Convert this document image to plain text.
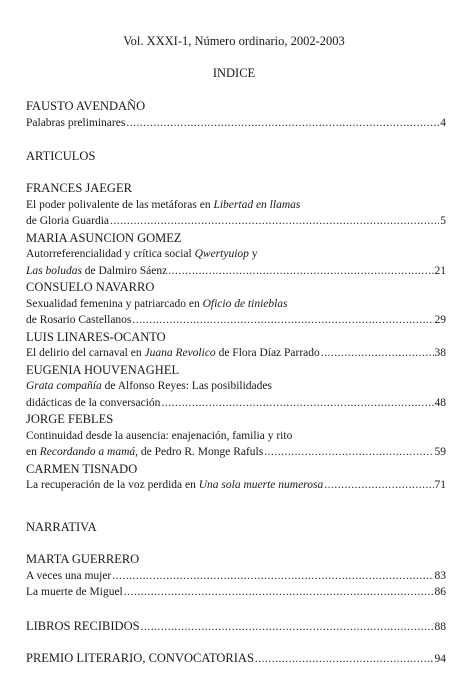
Vol. XXXI-1, Número ordinario, 2002-2003
INDICE
FAUSTO AVENDAÑO
Palabras preliminares .....	4
ARTICULOS
FRANCES JAEGER
El poder polivalente de las metáforas en Libertad en llamas
de Gloria Guardia .....	5
MARIA ASUNCION GOMEZ
Autorreferencialidad y crítica social Qwertyuiop y
Las boludas de Dalmiro Sáenz .....	21
CONSUELO NAVARRO
Sexualidad femenina y patriarcado en Oficio de tinieblas
de Rosario Castellanos .....	29
LUIS LINARES-OCANTO
El delirio del carnaval en Juana Revolico de Flora Díaz Parrado .....	38
EUGENIA HOUVENAGHEL
Grata compañía de Alfonso Reyes: Las posibilidades
didácticas de la conversación .....	48
JORGE FEBLES
Continuidad desde la ausencia: enajenación, familia y rito
en Recordando a mamá, de Pedro R. Monge Rafuls .....	59
CARMEN TISNADO
La recuperación de la voz perdida en Una sola muerte numerosa .....	71
NARRATIVA
MARTA GUERRERO
A veces una mujer .....	83
La muerte de Miguel .....	86
LIBROS RECIBIDOS .....	88
PREMIO LITERARIO, CONVOCATORIAS .....	94
